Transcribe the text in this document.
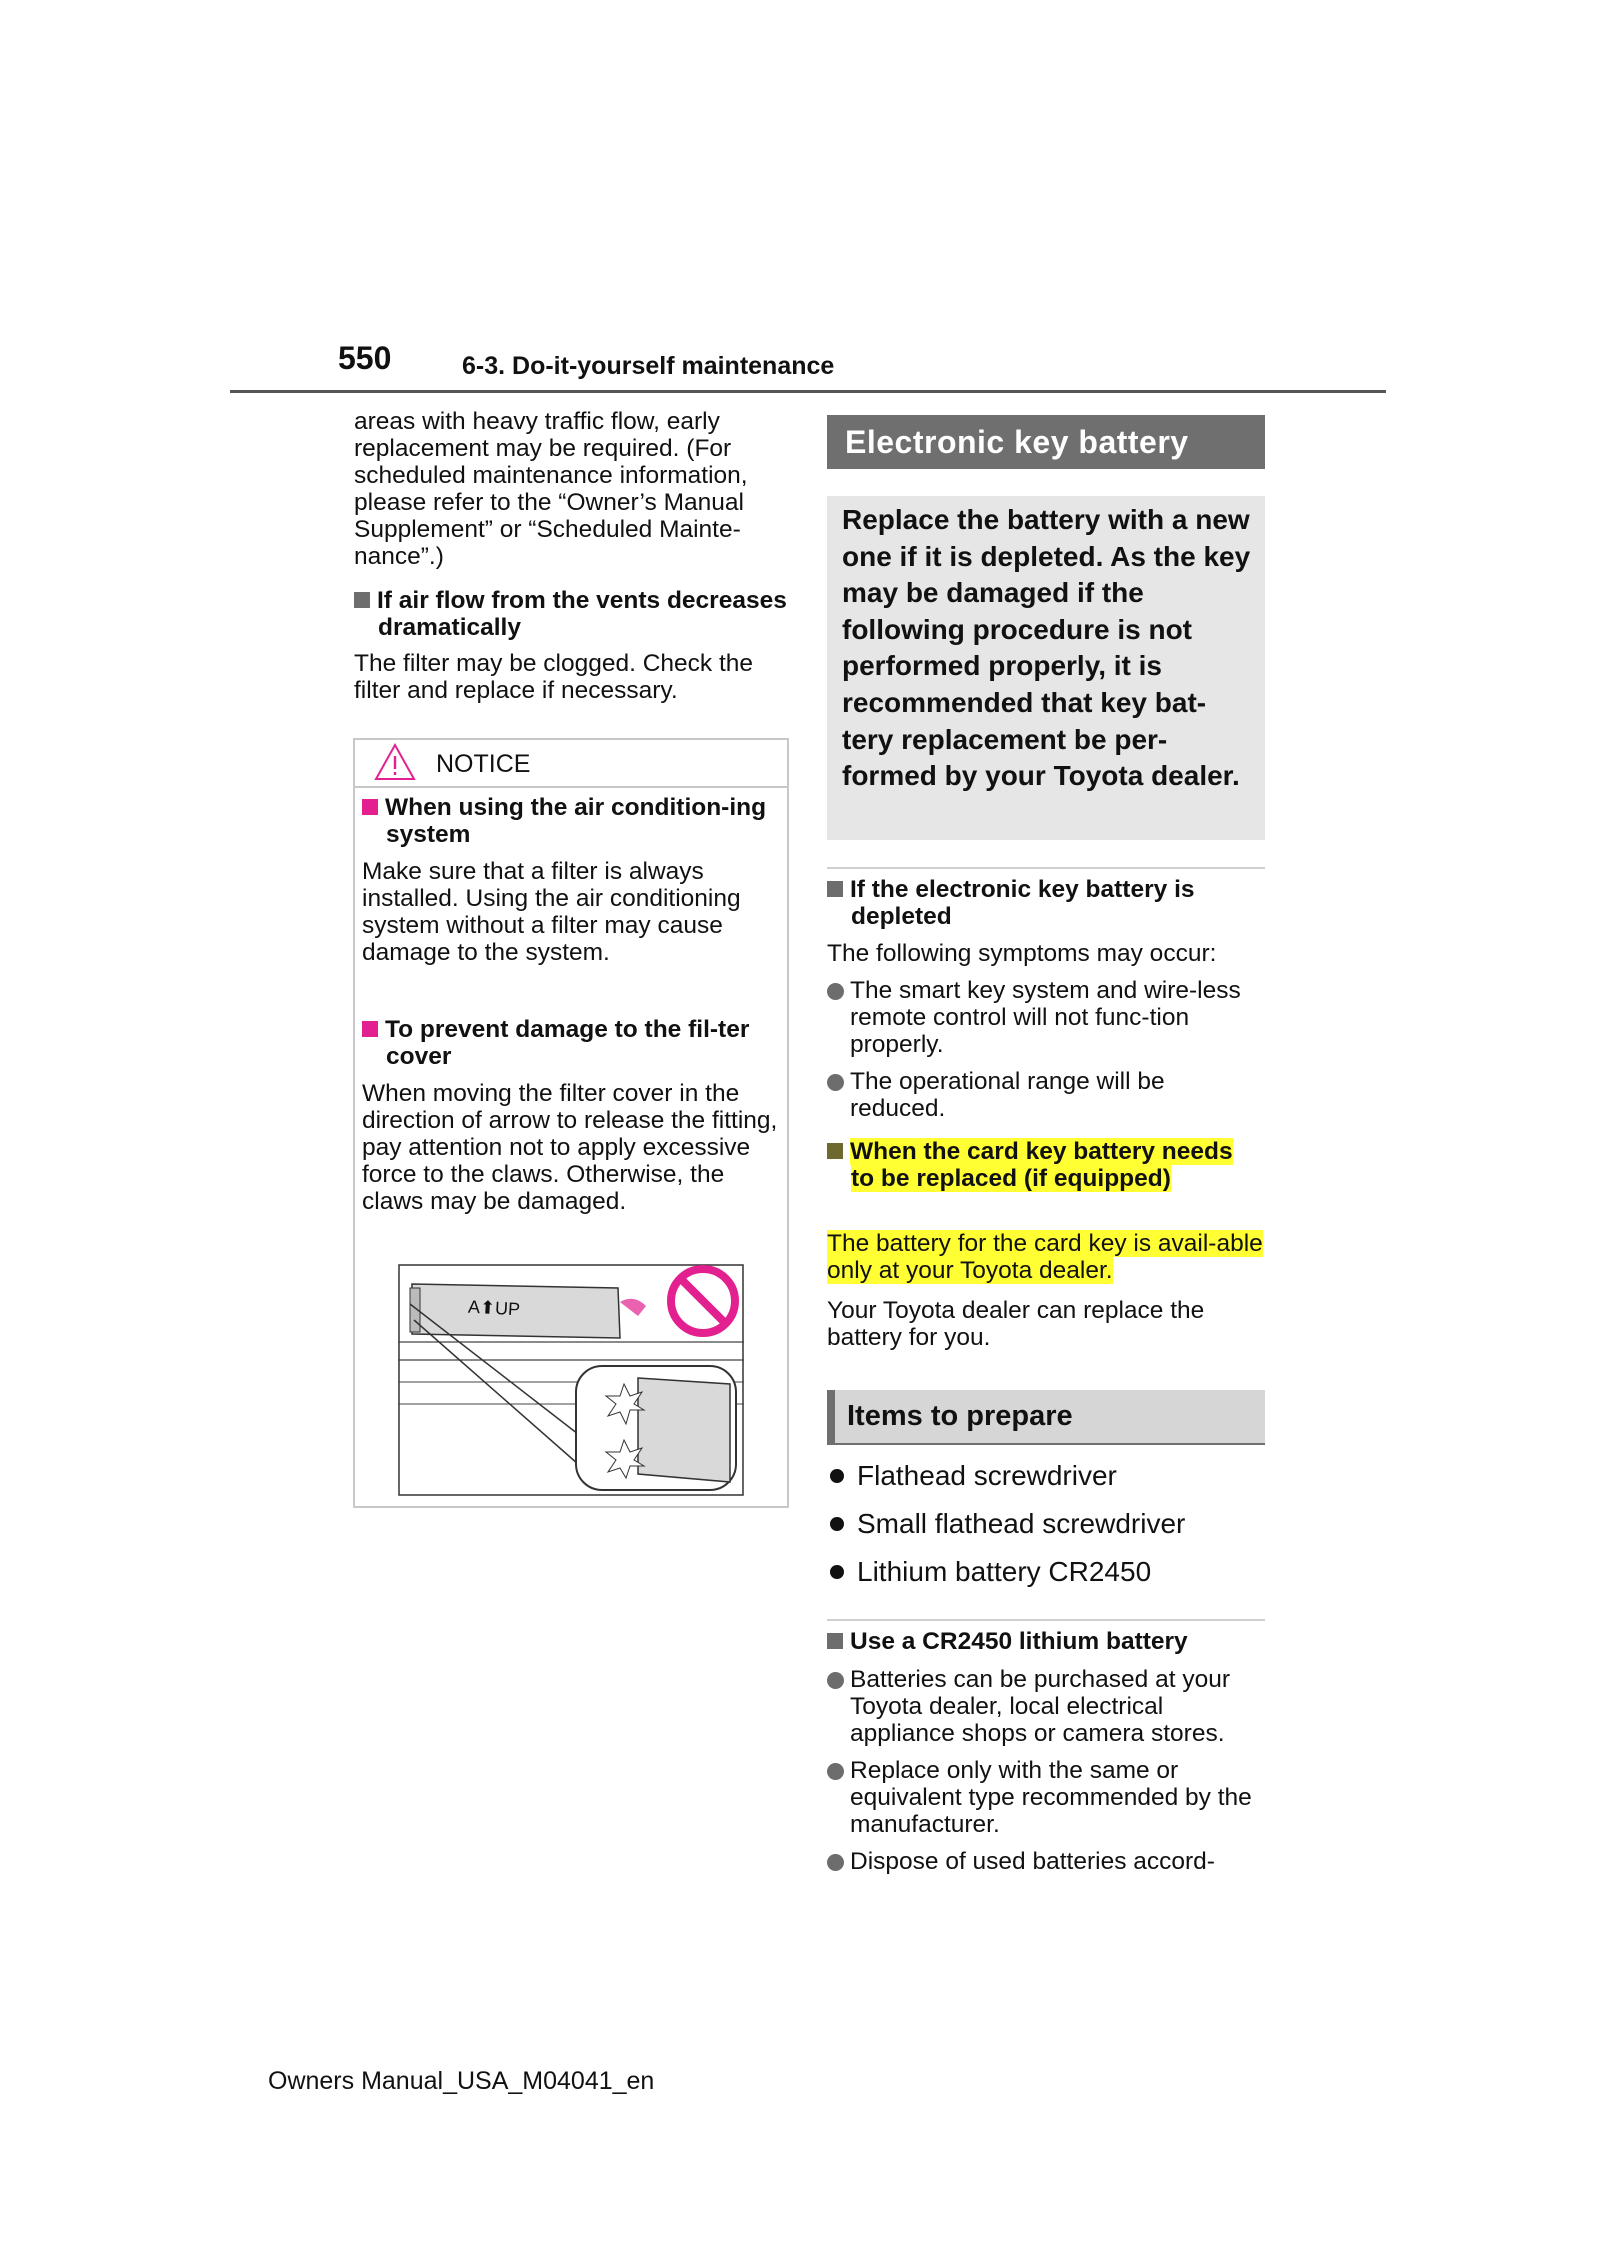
550	6-3. Do-it-yourself maintenance

areas with heavy traffic flow, early replacement may be required. (For scheduled maintenance information, please refer to the “Owner’s Manual Supplement” or “Scheduled Mainte-nance”.)

If air flow from the vents decreases dramatically

The filter may be clogged. Check the filter and replace if necessary.

NOTICE
When using the air condition-ing system

Make sure that a filter is always installed. Using the air conditioning system without a filter may cause damage to the system.

To prevent damage to the fil-ter cover

When moving the filter cover in the direction of arrow to release the fitting, pay attention not to apply excessive force to the claws. Otherwise, the claws may be damaged.

A⬆UP
Electronic key battery

Replace the battery with a new one if it is depleted. As the key may be damaged if the following procedure is not performed properly, it is recommended that key bat-tery replacement be per-formed by your Toyota dealer.

If the electronic key battery is depleted

The following symptoms may occur:

The smart key system and wire-less remote control will not func-tion properly.
The operational range will be reduced.
When the card key battery needs to be replaced (if equipped)

The battery for the card key is avail-able only at your Toyota dealer.

Your Toyota dealer can replace the battery for you.

Items to prepare
Flathead screwdriver
Small flathead screwdriver
Lithium battery CR2450
Use a CR2450 lithium battery
Batteries can be purchased at your Toyota dealer, local electrical appliance shops or camera stores.
Replace only with the same or equivalent type recommended by the manufacturer.
Dispose of used batteries accord-
Owners Manual_USA_M04041_en
